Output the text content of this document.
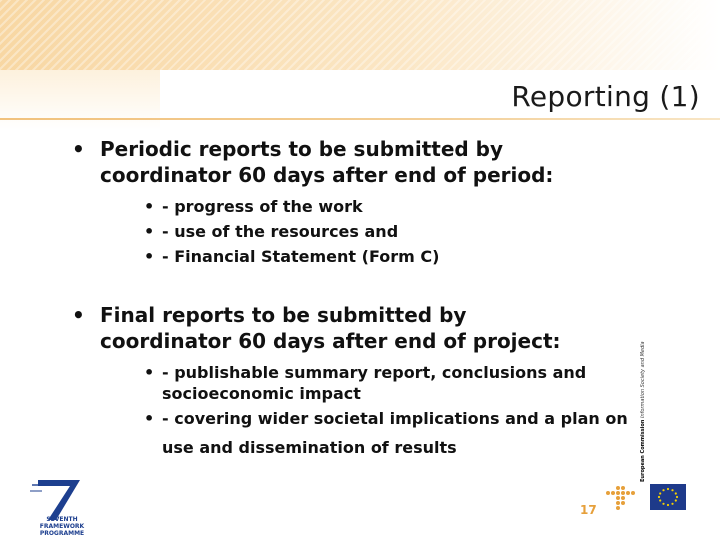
Reporting (1)
• Periodic reports to be submitted by
coordinator 60 days after end of period:
• - progress of the work
• - use of the resources and
• - Financial Statement (Form C)
• Final reports to be submitted by
coordinator 60 days after end of project:
• - publishable summary report, conclusions and
socioeconomic impact
• - covering wider societal implications and a plan on
use and dissemination of results
SEVENTH FRAMEWORK
PROGRAMME
17
European Commission Information Society and Media
